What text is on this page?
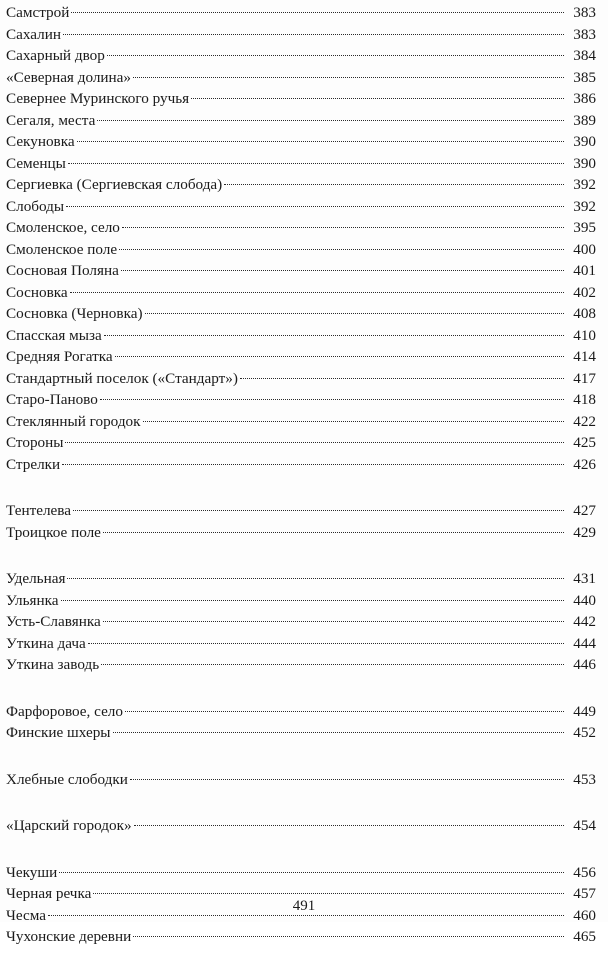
Самстрой	383
Сахалин	383
Сахарный двор	384
«Северная долина»	385
Севернее Муринского ручья	386
Сегаля, места	389
Секуновка	390
Семенцы	390
Сергиевка (Сергиевская слобода)	392
Слободы	392
Смоленское, село	395
Смоленское поле	400
Сосновая Поляна	401
Сосновка	402
Сосновка (Черновка)	408
Спасская мыза	410
Средняя Рогатка	414
Стандартный поселок («Стандарт»)	417
Старо-Паново	418
Стеклянный городок	422
Стороны	425
Стрелки	426
Тентелева	427
Троицкое поле	429
Удельная	431
Ульянка	440
Усть-Славянка	442
Уткина дача	444
Уткина заводь	446
Фарфоровое, село	449
Финские шхеры	452
Хлебные слободки	453
«Царский городок»	454
Чекуши	456
Черная речка	457
Чесма	460
Чухонские деревни	465
491
